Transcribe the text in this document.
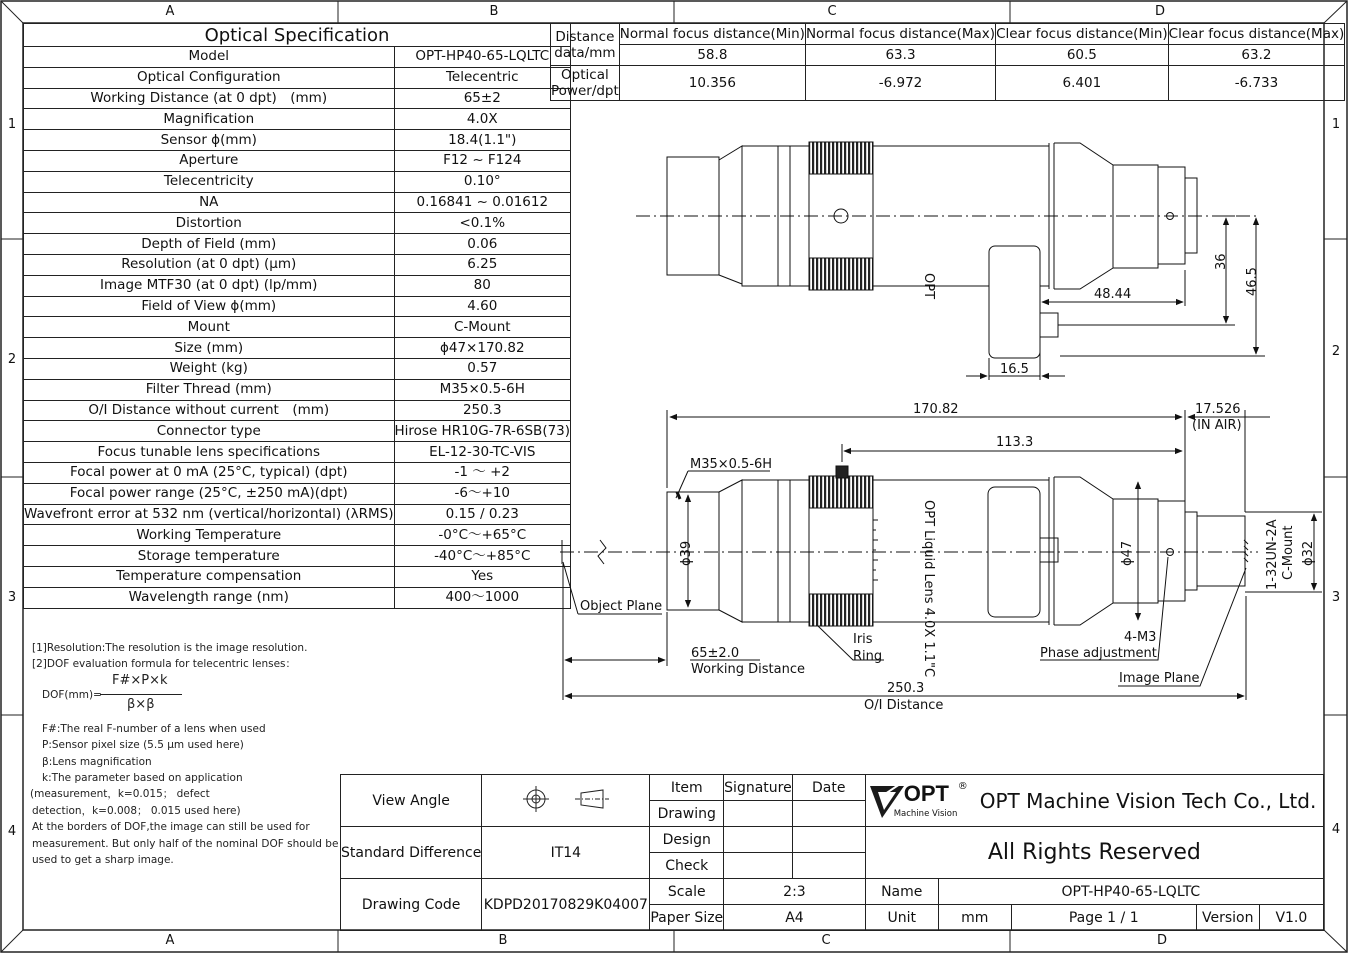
A	B	C	D
A	B	C	D
1
2
3
4
1
2
3
4
Optical Specification	
Model	OPT-HP40-65-LQLTC
Optical Configuration	Telecentric
Working Distance (at 0 dpt)　(mm)	65±2
Magnification	4.0X
Sensor ϕ(mm)	18.4(1.1")
Aperture	F12 ~ F124
Telecentricity	0.10°
NA	0.16841 ~ 0.01612
Distortion	<0.1%
Depth of Field (mm)	0.06
Resolution (at 0 dpt) (µm)	6.25
Image MTF30 (at 0 dpt) (lp/mm)	80
Field of View ϕ(mm)	4.60
Mount	C-Mount
Size (mm)	ϕ47×170.82
Weight (kg)	0.57
Filter Thread (mm)	M35×0.5-6H
O/I Distance without current　(mm)	250.3
Connector type	Hirose HR10G-7R-6SB(73)
Focus tunable lens specifications	EL-12-30-TC-VIS
Focal power at 0 mA (25°C, typical) (dpt)	-1 ～ +2
Focal power range (25°C, ±250 mA)(dpt)	-6～+10
Wavefront error at 532 nm (vertical/horizontal) (λRMS)	0.15 / 0.23
Working Temperature	-0°C～+65°C
Storage temperature	-40°C～+85°C
Temperature compensation	Yes
Wavelength range (nm)	400～1000
Distance
data/mm	Normal focus distance(Min)	Normal focus distance(Max)	Clear focus distance(Min)	Clear focus distance(Max)
	58.8	63.3	60.5	63.2

Optical
Power/dpt	10.356	-6.972	6.401	-6.733
[1]Resolution:The resolution is the image resolution.
[2]DOF evaluation formula for telecentric lenses：
DOF(mm)=
F#×P×k
β×β
F#:The real F-number of a lens when used
P:Sensor pixel size (5.5 µm used here)
β:Lens magnification
k:The parameter based on application
(measurement，k=0.015； defect
detection，k=0.008； 0.015 used here)
At the borders of DOF,the image can still be used for
measurement. But only half of the nominal DOF should be
used to get a sharp image.
OPT
OPT Liquid Lens 4.0X 1.1"C
36
46.5
48.44
16.5
170.82	17.526
(IN AIR)
113.3
M35×0.5-6H
ϕ39	ϕ47	ϕ32
1-32UN-2A C-Mount
Object Plane
Iris
Ring
4-M3
Phase adjustment
Image Plane
65±2.0
Working Distance
250.3
O/I Distance
View Angle		Item	Signature	Date	OPT ®
Machine Vision
OPT Machine Vision Tech Co., Ltd.				

		Drawing							
Standard Difference	IT14	Design			All Rights Reserved				
		Check							
Drawing Code	KDPD20170829K04007	Scale	2:3		Name	OPT-HP40-65-LQLTC			
		Paper Size	A4		Unit	mm	Page 1 / 1	Version	V1.0
